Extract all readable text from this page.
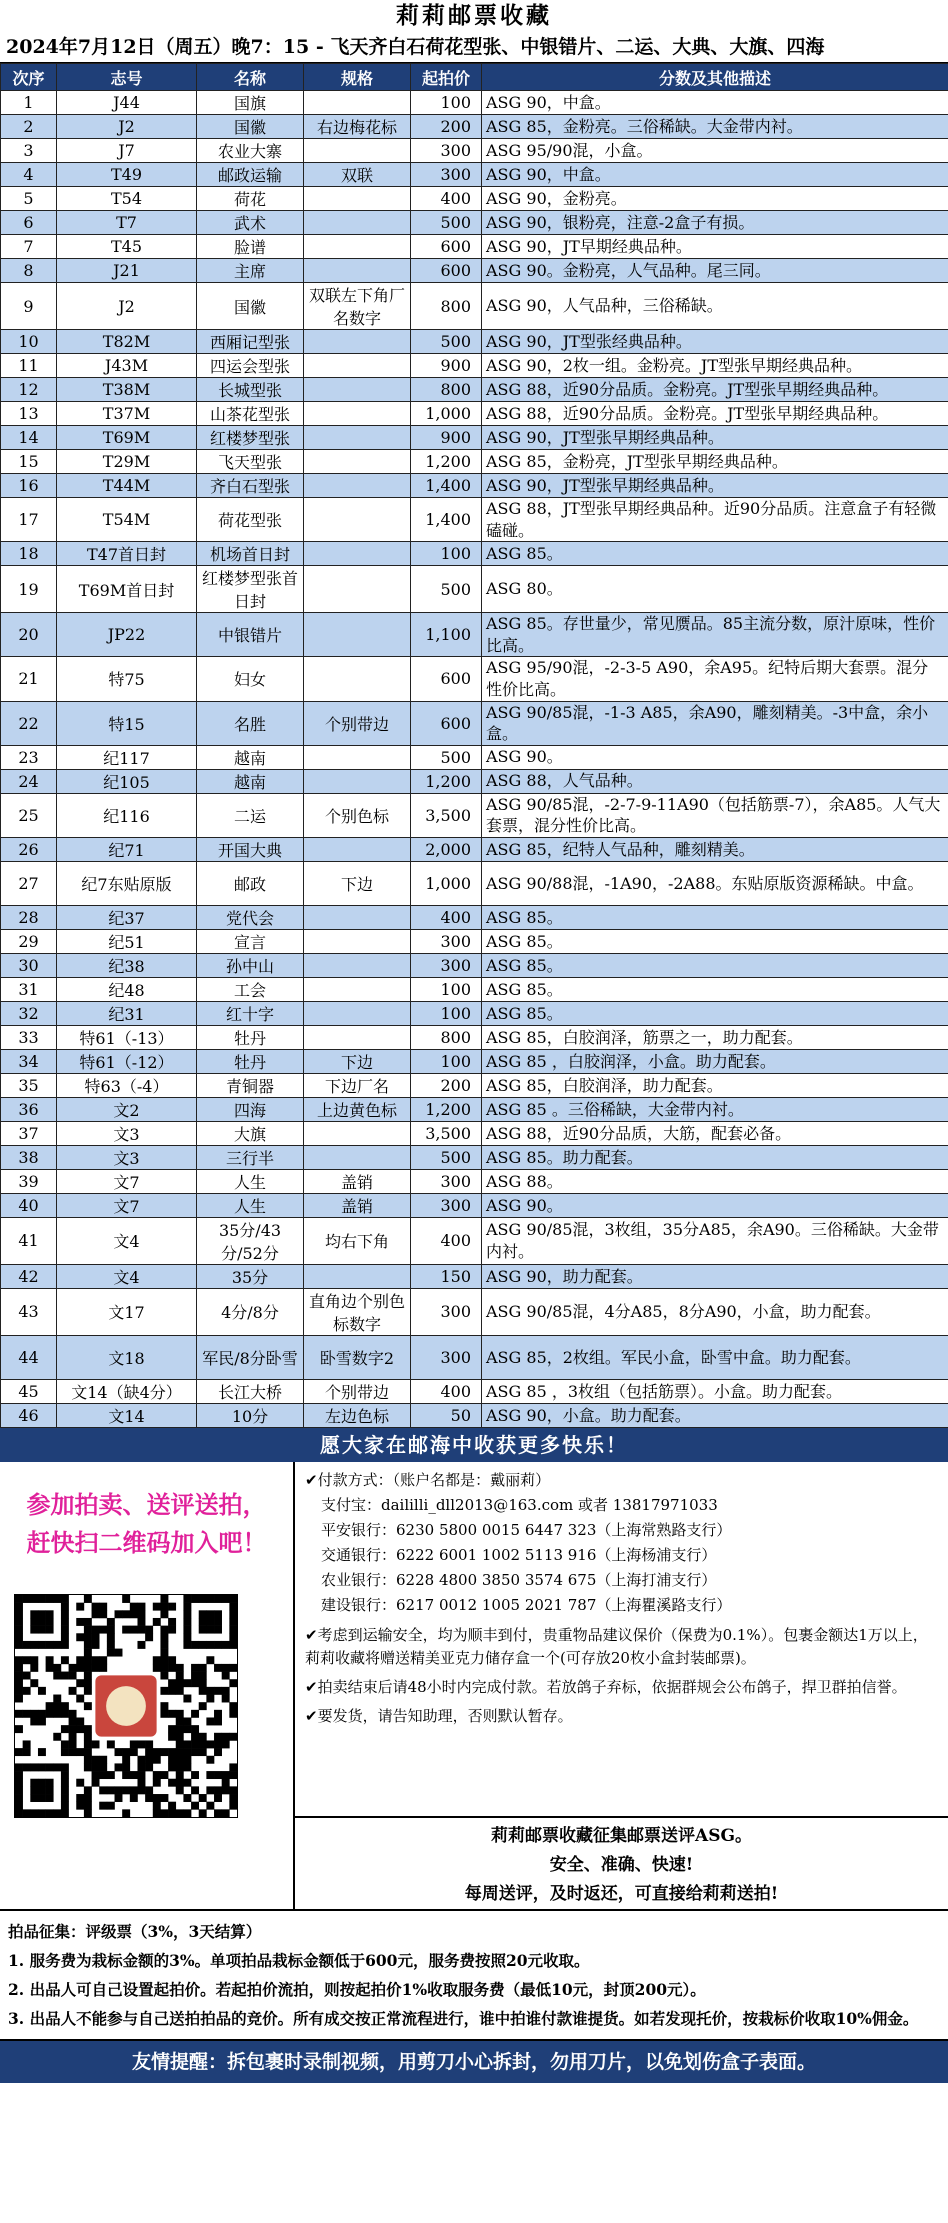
莉莉邮票收藏
2024年7月12日（周五）晚7：15 - 飞天齐白石荷花型张、中银错片、二运、大典、大旗、四海
次序	志号	名称	规格	起拍价	分数及其他描述
1	J44	国旗		100	ASG 90，中盒。
2	J2	国徽	右边梅花标	200	ASG 85，金粉亮。三俗稀缺。大金带内衬。
3	J7	农业大寨		300	ASG 95/90混，小盒。
4	T49	邮政运输	双联	300	ASG 90，中盒。
5	T54	荷花		400	ASG 90，金粉亮。
6	T7	武术		500	ASG 90，银粉亮，注意-2盒子有损。
7	T45	脸谱		600	ASG 90，JT早期经典品种。
8	J21	主席		600	ASG 90。金粉亮，人气品种。尾三同。
9	J2	国徽	双联左下角厂名数字	800	ASG 90，人气品种，三俗稀缺。
10	T82M	西厢记型张		500	ASG 90，JT型张经典品种。
11	J43M	四运会型张		900	ASG 90，2枚一组。金粉亮。JT型张早期经典品种。
12	T38M	长城型张		800	ASG 88，近90分品质。金粉亮。JT型张早期经典品种。
13	T37M	山茶花型张		1,000	ASG 88，近90分品质。金粉亮。JT型张早期经典品种。
14	T69M	红楼梦型张		900	ASG 90，JT型张早期经典品种。
15	T29M	飞天型张		1,200	ASG 85，金粉亮，JT型张早期经典品种。
16	T44M	齐白石型张		1,400	ASG 90，JT型张早期经典品种。
17	T54M	荷花型张		1,400	ASG 88，JT型张早期经典品种。近90分品质。注意盒子有轻微磕碰。
18	T47首日封	机场首日封		100	ASG 85。
19	T69M首日封	红楼梦型张首日封		500	ASG 80。
20	JP22	中银错片		1,100	ASG 85。存世量少，常见赝品。85主流分数，原汁原味，性价比高。
21	特75	妇女		600	ASG 95/90混，-2-3-5 A90，余A95。纪特后期大套票。混分性价比高。
22	特15	名胜	个别带边	600	ASG 90/85混，-1-3 A85，余A90，雕刻精美。-3中盒，余小盒。
23	纪117	越南		500	ASG 90。
24	纪105	越南		1,200	ASG 88，人气品种。
25	纪116	二运	个别色标	3,500	ASG 90/85混，-2-7-9-11A90（包括筋票-7），余A85。人气大套票，混分性价比高。
26	纪71	开国大典		2,000	ASG 85，纪特人气品种，雕刻精美。
27	纪7东贴原版	邮政	下边	1,000	ASG 90/88混，-1A90，-2A88。东贴原版资源稀缺。中盒。
28	纪37	党代会		400	ASG 85。
29	纪51	宣言		300	ASG 85。
30	纪38	孙中山		300	ASG 85。
31	纪48	工会		100	ASG 85。
32	纪31	红十字		100	ASG 85。
33	特61（-13）	牡丹		800	ASG 85，白胶润泽，筋票之一，助力配套。
34	特61（-12）	牡丹	下边	100	ASG 85 ，白胶润泽，小盒。助力配套。
35	特63（-4）	青铜器	下边厂名	200	ASG 85，白胶润泽，助力配套。
36	文2	四海	上边黄色标	1,200	ASG 85 。三俗稀缺，大金带内衬。
37	文3	大旗		3,500	ASG 88，近90分品质，大筋，配套必备。
38	文3	三行半		500	ASG 85。助力配套。
39	文7	人生	盖销	300	ASG 88。
40	文7	人生	盖销	300	ASG 90。
41	文4	35分/43分/52分	均右下角	400	ASG 90/85混，3枚组，35分A85，余A90。三俗稀缺。大金带内衬。
42	文4	35分		150	ASG 90，助力配套。
43	文17	4分/8分	直角边个别色标数字	300	ASG 90/85混，4分A85，8分A90，小盒，助力配套。
44	文18	军民/8分卧雪	卧雪数字2	300	ASG 85，2枚组。军民小盒，卧雪中盒。助力配套。
45	文14（缺4分）	长江大桥	个别带边	400	ASG 85 ，3枚组（包括筋票）。小盒。助力配套。
46	文14	10分	左边色标	50	ASG 90，小盒。助力配套。
愿大家在邮海中收获更多快乐！
参加拍卖、送评送拍，
赶快扫二维码加入吧！
✔付款方式：（账户名都是：戴丽莉）
支付宝：daililli_dll2013@163.com 或者 13817971033
平安银行：6230 5800 0015 6447 323（上海常熟路支行）
交通银行：6222 6001 1002 5113 916（上海杨浦支行）
农业银行：6228 4800 3850 3574 675（上海打浦支行）
建设银行：6217 0012 1005 2021 787（上海瞿溪路支行）
✔考虑到运输安全，均为顺丰到付，贵重物品建议保价（保费为0.1%）。包裹金额达1万以上，莉莉收藏将赠送精美亚克力储存盒一个(可存放20枚小盒封装邮票)。
✔拍卖结束后请48小时内完成付款。若放鸽子弃标，依据群规会公布鸽子，捍卫群拍信誉。
✔要发货，请告知助理，否则默认暂存。
莉莉邮票收藏征集邮票送评ASG。
安全、准确、快速!
每周送评，及时返还，可直接给莉莉送拍!
拍品征集：评级票（3%，3天结算）
1. 服务费为栽标金额的3%。单项拍品栽标金额低于600元，服务费按照20元收取。
2. 出品人可自己设置起拍价。若起拍价流拍，则按起拍价1%收取服务费（最低10元，封顶200元）。
3. 出品人不能参与自己送拍拍品的竞价。所有成交按正常流程进行，谁中拍谁付款谁提货。如若发现托价，按栽标价收取10%佣金。
友情提醒：拆包裹时录制视频，用剪刀小心拆封，勿用刀片，以免划伤盒子表面。
